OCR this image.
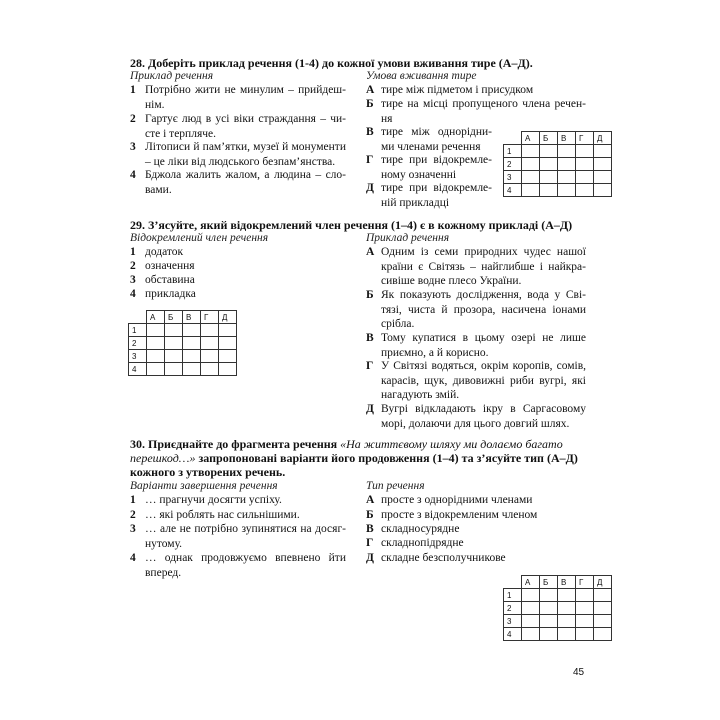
28. Доберіть приклад речення (1-4) до кожної умови вживання тире (А–Д).
Приклад речення	Умова вживання тире
1 Потрібно жити не минулим – прийдеш-нім.
2 Гартує люд в усі віки страждання – чи-сте і терпляче.
3 Літописи й пам’ятки, музеї й монументи – це ліки від людського безпам’янства.
4 Бджола жалить жалом, а людина – сло-вами.
А тире між підметом і присудком
Б тире на місці пропущеного члена речен-ня
В тире між однорідни-ми членами речення
Г тире при відокремле-ному означенні
Д тире при відокремле-ній прикладці
	А	Б	В	Г	Д
1					
2					
3					
4					
29. З’ясуйте, який відокремлений член речення (1–4) є в кожному прикладі (А–Д)
Відокремлений член речення	Приклад речення
1 додаток
2 означення
3 обставина
4 прикладка
	А	Б	В	Г	Д
1					
2					
3					
4					
А Одним із семи природних чудес нашої країни є Світязь – найглибше і найкра-сивіше водне плесо України.
Б Як показують дослідження, вода у Сві-тязі, чиста й прозора, насичена іонами срібла.
В Тому купатися в цьому озері не лише приємно, а й корисно.
Г У Світязі водяться, окрім коропів, сомів, карасів, щук, дивовижні риби вугрі, які нагадують змій.
Д Вугрі відкладають ікру в Саргасовому морі, долаючи для цього довгий шлях.
30. Приєднайте до фрагмента речення «На життєвому шляху ми долаємо багато
перешкод…» запропоновані варіанти його продовження (1–4) та з’ясуйте тип (А–Д)
кожного з утворених речень.
Варіанти завершення речення	Тип речення
1 … прагнучи досягти успіху.
2 … які роблять нас сильнішими.
3 … але не потрібно зупинятися на досяг-нутому.
4 … однак продовжуємо впевнено йти вперед.
А просте з однорідними членами
Б просте з відокремленим членом
В складносурядне
Г складнопідрядне
Д складне безсполучникове
	А	Б	В	Г	Д
1					
2					
3					
4					
45
